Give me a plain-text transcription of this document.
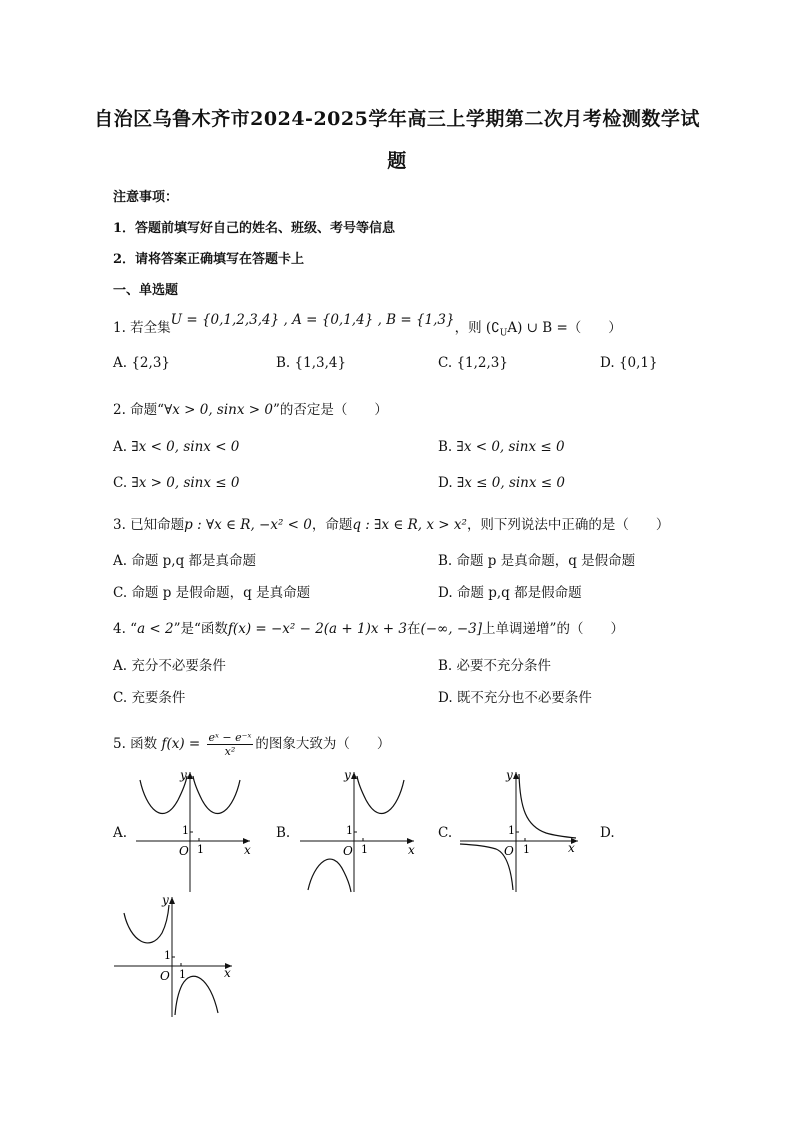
自治区乌鲁木齐市2024-2025学年高三上学期第二次月考检测数学试
题
注意事项：
1．答题前填写好自己的姓名、班级、考号等信息
2．请将答案正确填写在答题卡上
一、单选题
1. 若全集U = {0,1,2,3,4} , A = {0,1,4} , B = {1,3}，则 $(∁_UA)$ ∪ B =（　　）
A. {2,3}	B. {1,3,4}	C. {1,2,3}	D. {0,1}
2. 命题“∀x > 0, sinx > 0”的否定是（　　）
A. ∃x < 0, sinx < 0	B. ∃x < 0, sinx ≤ 0
C. ∃x > 0, sinx ≤ 0	D. ∃x ≤ 0, sinx ≤ 0
3. 已知命题p : ∀x ∈ R, −x² < 0，命题q : ∃x ∈ R, x > x²，则下列说法中正确的是（　　）
A. 命题 p,q 都是真命题	B. 命题 p 是真命题，q 是假命题
C. 命题 p 是假命题，q 是真命题	D. 命题 p,q 都是假命题
4. “a < 2”是“函数f(x) = −x² − 2(a + 1)x + 3在(−∞, −3]上单调递增”的（　　）
A. 充分不必要条件	B. 必要不充分条件
C. 充要条件	D. 既不充分也不必要条件
5. 函数 $f(x) = \frac{\text{eˣ − e⁻ˣ}}{\text{x²}}$ 的图象大致为（　　）
A.	B.	C.	D.
y
x
O
1
1
y
x
O
1
1
y
x
O
1
1
y
x
O
1
1
